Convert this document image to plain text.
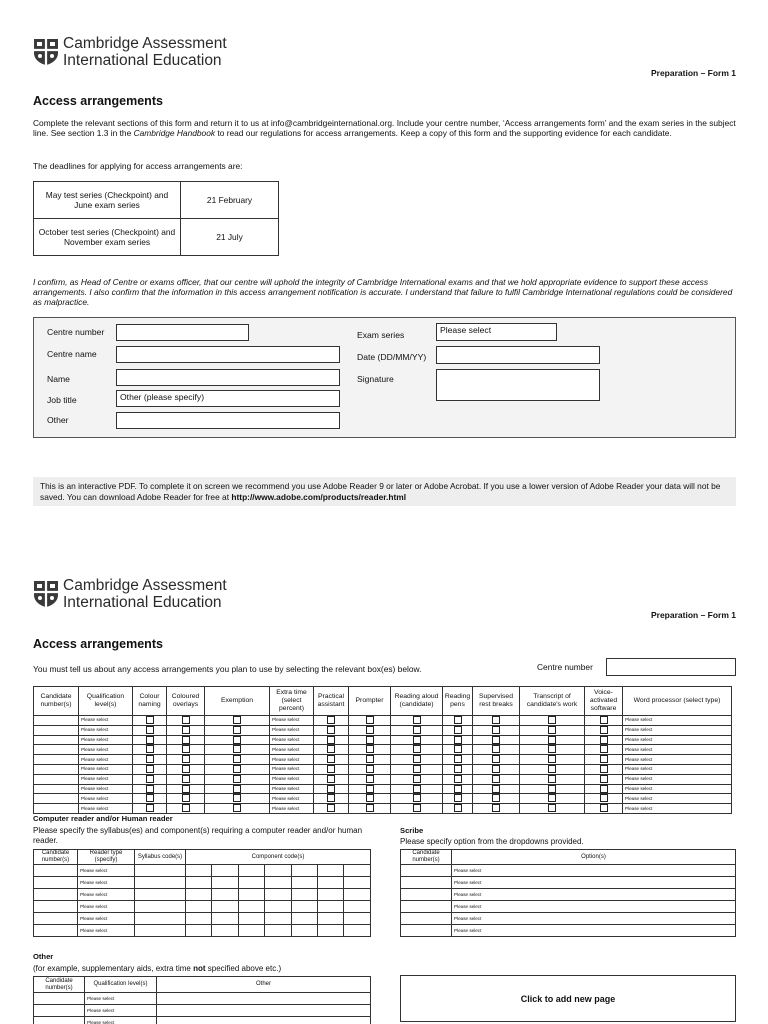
Cambridge Assessment
International Education
Preparation – Form 1
Access arrangements
Complete the relevant sections of this form and return it to us at info@cambridgeinternational.org. Include your centre number, ‘Access arrangements form’ and the exam series in the subject line. See section 1.3 in the Cambridge Handbook to read our regulations for access arrangements. Keep a copy of this form and the supporting evidence for each candidate.
The deadlines for applying for access arrangements are:
May test series (Checkpoint) and June exam series	21 February
October test series (Checkpoint) and November exam series	21 July
I confirm, as Head of Centre or exams officer, that our centre will uphold the integrity of Cambridge International exams and that we hold appropriate evidence to support these access arrangements. I also confirm that the information in this access arrangement notification is accurate. I understand that failure to fulfil Cambridge International regulations could be considered as malpractice.
Centre number
Centre name
Name
Job title	Other (please specify)
Other
Exam series	Please select
Date (DD/MM/YY)
Signature
This is an interactive PDF. To complete it on screen we recommend you use Adobe Reader 9 or later or Adobe Acrobat. If you use a lower version of Adobe Reader your data will not be saved. You can download Adobe Reader for free at http://www.adobe.com/products/reader.html
Cambridge Assessment
International Education
Preparation – Form 1
Access arrangements
You must tell us about any access arrangements you plan to use by selecting the relevant box(es) below.	Centre number
Candidate number(s)	Qualification level(s)	Colour naming	Coloured overlays	Exemption	Extra time (select percent)	Practical assistant	Prompter	Reading aloud (candidate)	Reading pens	Supervised rest breaks	Transcript of candidate's work	Voice-activated software	Word processor (select type)
	Please select				Please select								Please select
	Please select				Please select								Please select
	Please select				Please select								Please select
	Please select				Please select								Please select
	Please select				Please select								Please select
	Please select				Please select								Please select
	Please select				Please select								Please select
	Please select				Please select								Please select
	Please select				Please select								Please select
	Please select				Please select								Please select
Computer reader and/or Human reader
Please specify the syllabus(es) and component(s) requiring a computer reader and/or human reader.
Candidate number(s)	Reader type (specify)	Syllabus code(s)	Component code(s)						
	Please select								
	Please select								
	Please select								
	Please select								
	Please select								
	Please select								
Scribe
Please specify option from the dropdowns provided.
Candidate number(s)	Option(s)
	Please select
	Please select
	Please select
	Please select
	Please select
	Please select
Other
(for example, supplementary aids, extra time not specified above etc.)
Candidate number(s)	Qualification level(s)	Other
	Please select	
	Please select	
	Please select	
Click to add new page
